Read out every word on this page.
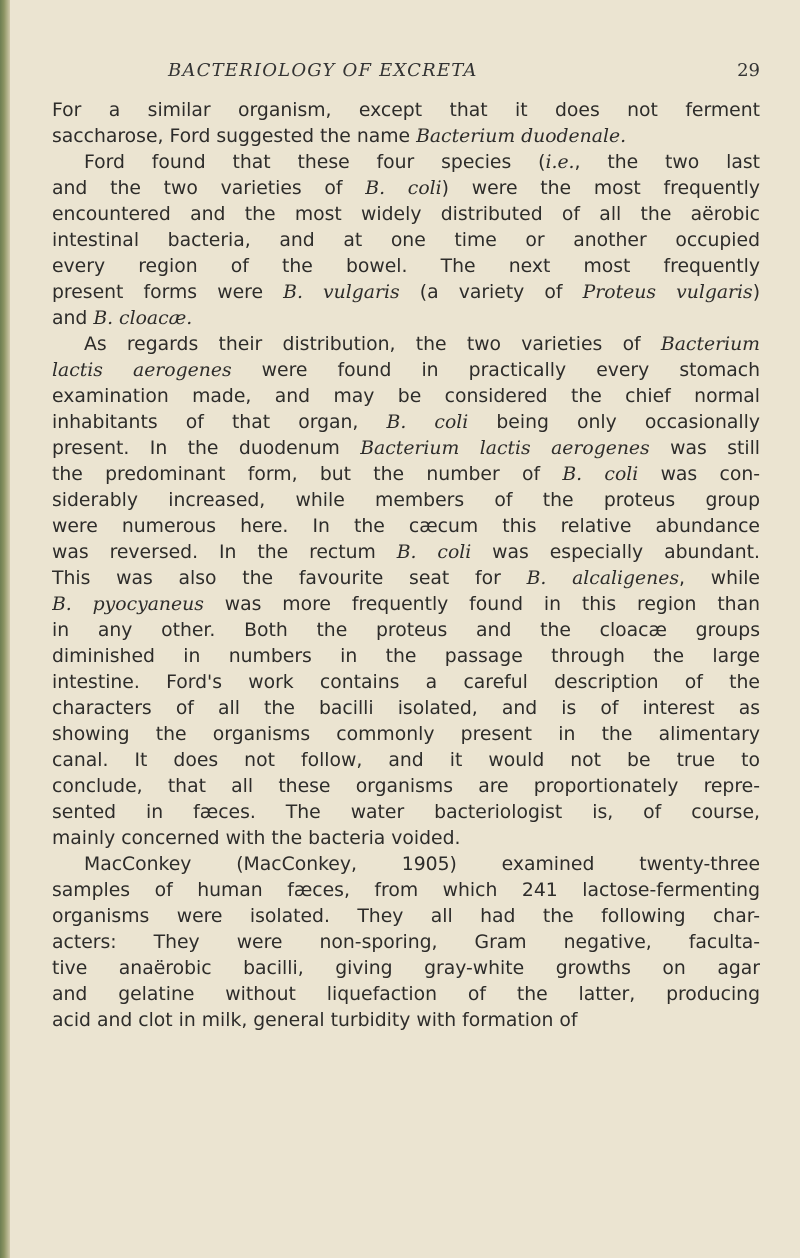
BACTERIOLOGY OF EXCRETA	29
For a similar organism, except that it does not ferment
saccharose, Ford suggested the name Bacterium duodenale.
Ford found that these four species (i.e., the two last
and the two varieties of B. coli) were the most frequently
encountered and the most widely distributed of all the aërobic
intestinal bacteria, and at one time or another occupied
every region of the bowel. The next most frequently
present forms were B. vulgaris (a variety of Proteus vulgaris)
and B. cloacæ.
As regards their distribution, the two varieties of Bacterium
lactis aerogenes were found in practically every stomach
examination made, and may be considered the chief normal
inhabitants of that organ, B. coli being only occasionally
present. In the duodenum Bacterium lactis aerogenes was still
the predominant form, but the number of B. coli was con-
siderably increased, while members of the proteus group
were numerous here. In the cæcum this relative abundance
was reversed. In the rectum B. coli was especially abundant.
This was also the favourite seat for B. alcaligenes, while
B. pyocyaneus was more frequently found in this region than
in any other. Both the proteus and the cloacæ groups
diminished in numbers in the passage through the large
intestine. Ford's work contains a careful description of the
characters of all the bacilli isolated, and is of interest as
showing the organisms commonly present in the alimentary
canal. It does not follow, and it would not be true to
conclude, that all these organisms are proportionately repre-
sented in fæces. The water bacteriologist is, of course,
mainly concerned with the bacteria voided.
MacConkey (MacConkey, 1905) examined twenty-three
samples of human fæces, from which 241 lactose-fermenting
organisms were isolated. They all had the following char-
acters: They were non-sporing, Gram negative, faculta-
tive anaërobic bacilli, giving gray-white growths on agar
and gelatine without liquefaction of the latter, producing
acid and clot in milk, general turbidity with formation of
